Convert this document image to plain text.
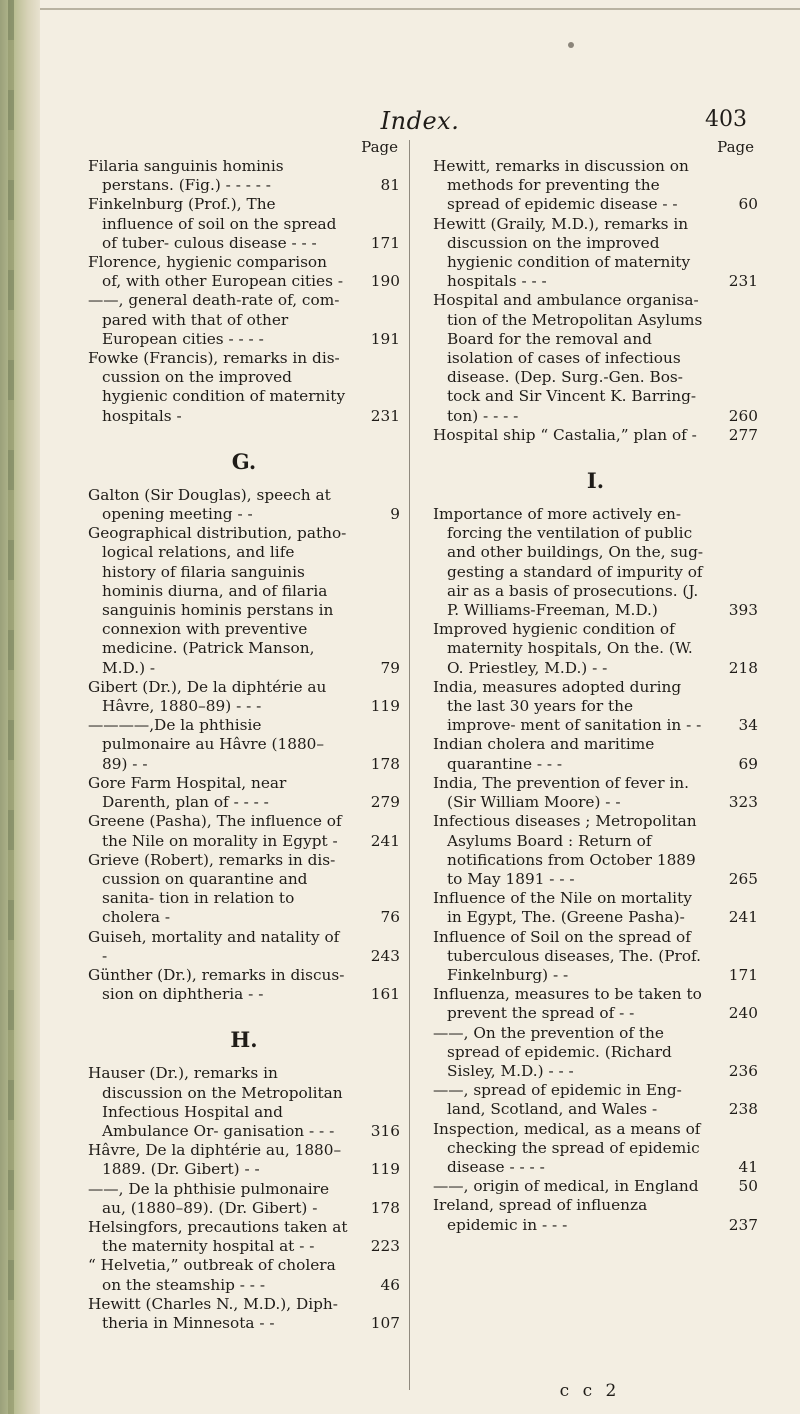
Index.	403
Page
Filaria sanguinis hominis perstans. (Fig.) - - - - -	81
Finkelnburg (Prof.), The influence of soil on the spread of tuber- culous disease - - -	171
Florence, hygienic comparison of, with other European cities -	190
——, general death-rate of, com- pared with that of other European cities - - - -	191
Fowke (Francis), remarks in dis- cussion on the improved hygienic condition of maternity hospitals -	231
G.
Galton (Sir Douglas), speech at opening meeting - -	9
Geographical distribution, patho- logical relations, and life history of filaria sanguinis hominis diurna, and of filaria sanguinis hominis perstans in connexion with preventive medicine. (Patrick Manson, M.D.) -	79
Gibert (Dr.), De la diphtérie au Hâvre, 1880–89) - - -	119
————,De la phthisie pulmonaire au Hâvre (1880–89) - -	178
Gore Farm Hospital, near Darenth, plan of - - - -	279
Greene (Pasha), The influence of the Nile on morality in Egypt -	241
Grieve (Robert), remarks in dis- cussion on quarantine and sanita- tion in relation to cholera -	76
Guiseh, mortality and natality of -	243
Günther (Dr.), remarks in discus- sion on diphtheria - -	161
H.
Hauser (Dr.), remarks in discussion on the Metropolitan Infectious Hospital and Ambulance Or- ganisation - - -	316
Hâvre, De la diphtérie au, 1880– 1889. (Dr. Gibert) - -	119
——, De la phthisie pulmonaire au, (1880–89). (Dr. Gibert) -	178
Helsingfors, precautions taken at the maternity hospital at - -	223
“ Helvetia,” outbreak of cholera on the steamship - - -	46
Hewitt (Charles N., M.D.), Diph- theria in Minnesota - -	107
Page
Hewitt, remarks in discussion on methods for preventing the spread of epidemic disease - -	60
Hewitt (Graily, M.D.), remarks in discussion on the improved hygienic condition of maternity hospitals - - -	231
Hospital and ambulance organisa- tion of the Metropolitan Asylums Board for the removal and isolation of cases of infectious disease. (Dep. Surg.-Gen. Bos- tock and Sir Vincent K. Barring- ton) - - - -	260
Hospital ship “ Castalia,” plan of -	277
I.
Importance of more actively en- forcing the ventilation of public and other buildings, On the, sug- gesting a standard of impurity of air as a basis of prosecutions. (J. P. Williams-Freeman, M.D.)	393
Improved hygienic condition of maternity hospitals, On the. (W. O. Priestley, M.D.) - -	218
India, measures adopted during the last 30 years for the improve- ment of sanitation in - -	34
Indian cholera and maritime quarantine - - -	69
India, The prevention of fever in. (Sir William Moore) - -	323
Infectious diseases ; Metropolitan Asylums Board : Return of notifications from October 1889 to May 1891 - - -	265
Influence of the Nile on mortality in Egypt, The. (Greene Pasha)-	241
Influence of Soil on the spread of tuberculous diseases, The. (Prof. Finkelnburg) - -	171
Influenza, measures to be taken to prevent the spread of - -	240
——, On the prevention of the spread of epidemic. (Richard Sisley, M.D.) - - -	236
——, spread of epidemic in Eng- land, Scotland, and Wales -	238
Inspection, medical, as a means of checking the spread of epidemic disease - - - -	41
——, origin of medical, in England	50
Ireland, spread of influenza epidemic in - - -	237
c c 2
